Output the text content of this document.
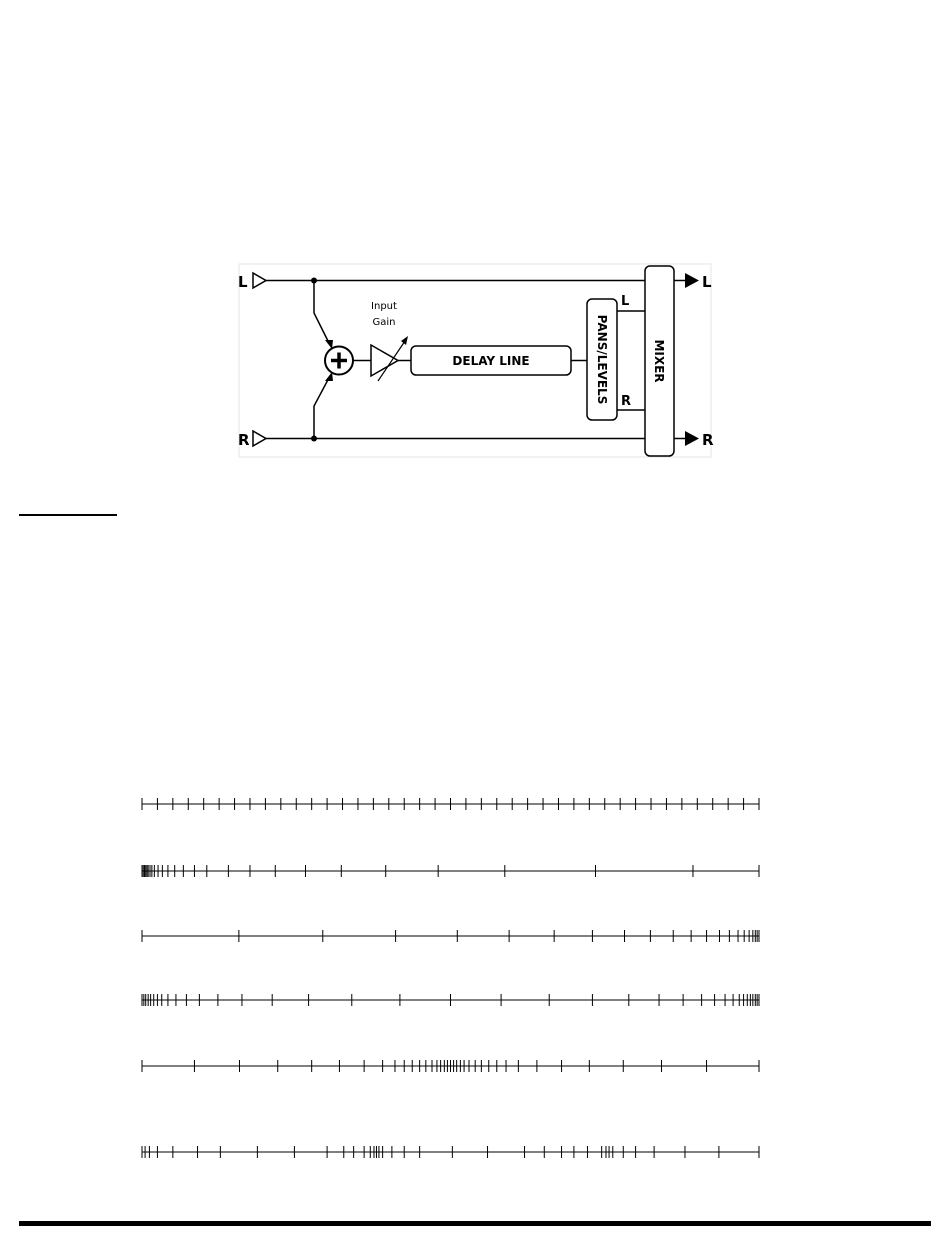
L
R
Input
Gain
DELAY LINE	PANS/LEVELS
L
R
MIXER
L
R
